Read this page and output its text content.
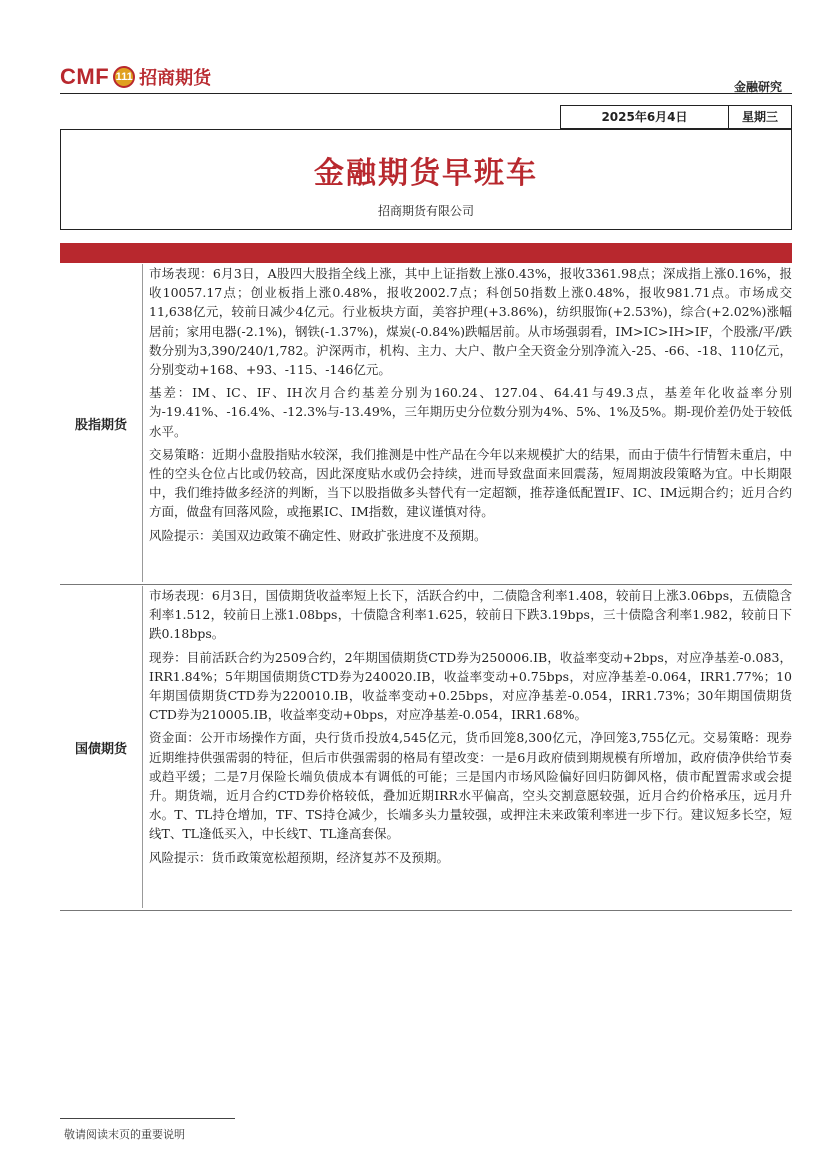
CMF 111 招商期货	金融研究
2025年6月4日	星期三
金融期货早班车
招商期货有限公司
股指期货
市场表现：6月3日，A股四大股指全线上涨，其中上证指数上涨0.43%，报收3361.98点；深成指上涨0.16%，报收10057.17点；创业板指上涨0.48%，报收2002.7点；科创50指数上涨0.48%，报收981.71点。市场成交11,638亿元，较前日减少4亿元。行业板块方面，美容护理(+3.86%)，纺织服饰(+2.53%)，综合(+2.02%)涨幅居前；家用电器(-2.1%)，钢铁(-1.37%)，煤炭(-0.84%)跌幅居前。从市场强弱看，IM>IC>IH>IF，个股涨/平/跌数分别为3,390/240/1,782。沪深两市，机构、主力、大户、散户全天资金分别净流入-25、-66、-18、110亿元，分别变动+168、+93、-115、-146亿元。
基差：IM、IC、IF、IH次月合约基差分别为160.24、127.04、64.41与49.3点，基差年化收益率分别为-19.41%、-16.4%、-12.3%与-13.49%，三年期历史分位数分别为4%、5%、1%及5%。期-现价差仍处于较低水平。
交易策略：近期小盘股指贴水较深，我们推测是中性产品在今年以来规模扩大的结果，而由于债牛行情暂未重启，中性的空头仓位占比或仍较高，因此深度贴水或仍会持续，进而导致盘面来回震荡，短周期波段策略为宜。中长期限中，我们维持做多经济的判断，当下以股指做多头替代有一定超额，推荐逢低配置IF、IC、IM远期合约；近月合约方面，做盘有回落风险，或拖累IC、IM指数，建议谨慎对待。
风险提示：美国双边政策不确定性、财政扩张进度不及预期。
国债期货
市场表现：6月3日，国债期货收益率短上长下，活跃合约中，二债隐含利率1.408，较前日上涨3.06bps，五债隐含利率1.512，较前日上涨1.08bps，十债隐含利率1.625，较前日下跌3.19bps，三十债隐含利率1.982，较前日下跌0.18bps。
现券：目前活跃合约为2509合约，2年期国债期货CTD券为250006.IB，收益率变动+2bps，对应净基差-0.083，IRR1.84%；5年期国债期货CTD券为240020.IB，收益率变动+0.75bps，对应净基差-0.064，IRR1.77%；10年期国债期货CTD券为220010.IB，收益率变动+0.25bps，对应净基差-0.054，IRR1.73%；30年期国债期货CTD券为210005.IB，收益率变动+0bps，对应净基差-0.054，IRR1.68%。
资金面：公开市场操作方面，央行货币投放4,545亿元，货币回笼8,300亿元，净回笼3,755亿元。交易策略：现券近期维持供强需弱的特征，但后市供强需弱的格局有望改变：一是6月政府债到期规模有所增加，政府债净供给节奏或趋平缓；二是7月保险长端负债成本有调低的可能；三是国内市场风险偏好回归防御风格，债市配置需求或会提升。期货端，近月合约CTD券价格较低，叠加近期IRR水平偏高，空头交割意愿较强，近月合约价格承压，远月升水。T、TL持仓增加，TF、TS持仓减少，长端多头力量较强，或押注未来政策利率进一步下行。建议短多长空，短线T、TL逢低买入，中长线T、TL逢高套保。
风险提示：货币政策宽松超预期，经济复苏不及预期。
敬请阅读末页的重要说明
